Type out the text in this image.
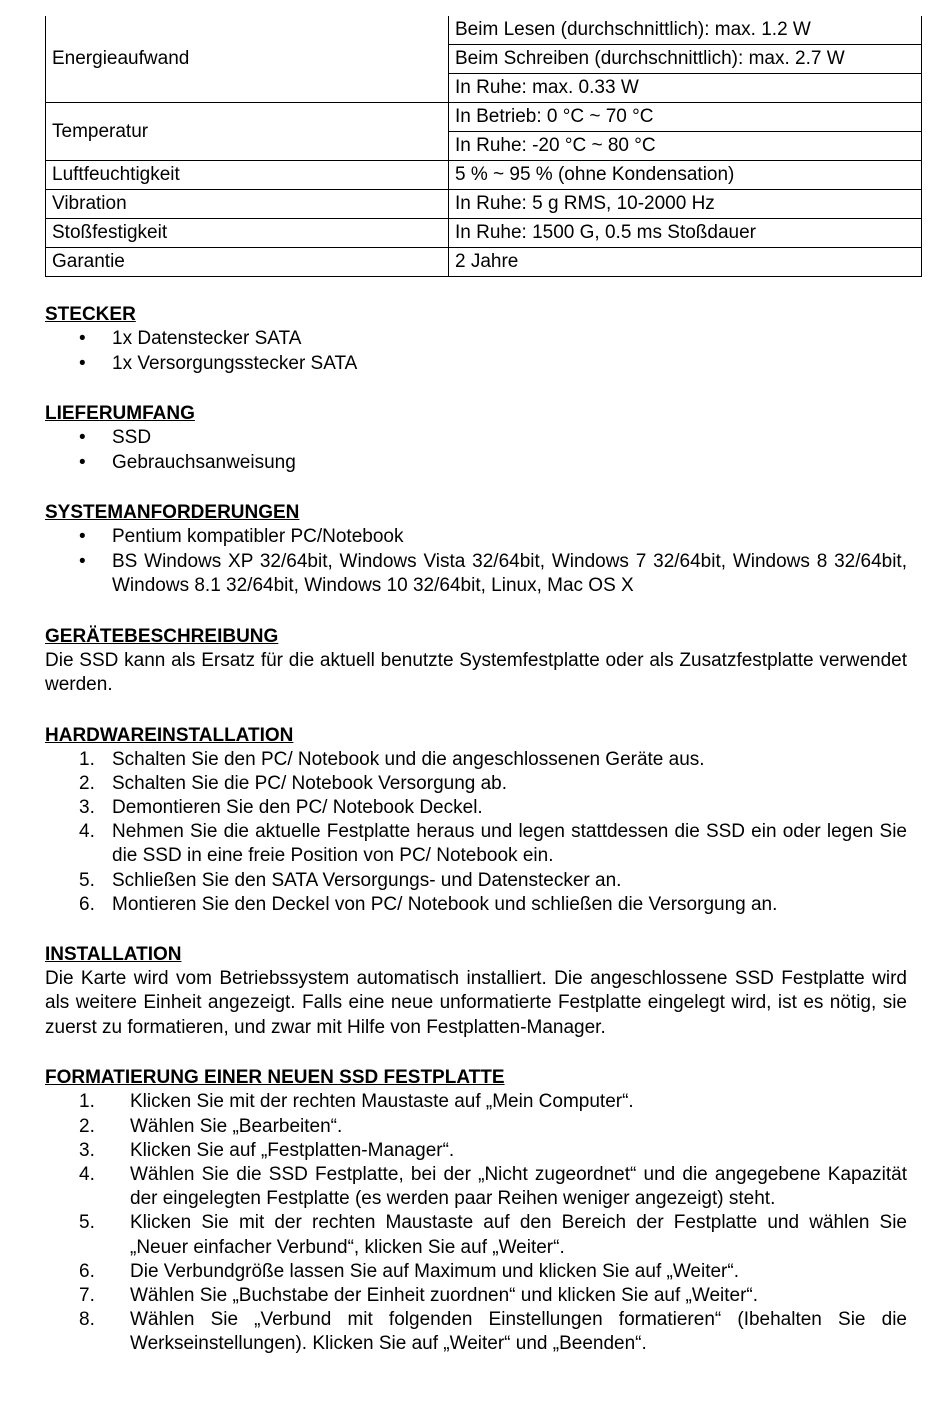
Energieaufwand	Beim Lesen (durchschnittlich): max. 1.2 W
	Beim Schreiben (durchschnittlich): max. 2.7 W
	In Ruhe: max. 0.33 W
Temperatur	In Betrieb: 0 °C ~ 70 °C
	In Ruhe: -20 °C ~ 80 °C
Luftfeuchtigkeit	5 % ~ 95 % (ohne Kondensation)
Vibration	In Ruhe: 5 g RMS, 10-2000 Hz
Stoßfestigkeit	In Ruhe: 1500 G, 0.5 ms Stoßdauer
Garantie	2 Jahre
STECKER
• 1x Datenstecker SATA
• 1x Versorgungsstecker SATA
LIEFERUMFANG
• SSD
• Gebrauchsanweisung
SYSTEMANFORDERUNGEN
• Pentium kompatibler PC/Notebook
• BS Windows XP 32/64bit, Windows Vista 32/64bit, Windows 7 32/64bit, Windows 8 32/64bit, Windows 8.1 32/64bit, Windows 10 32/64bit, Linux, Mac OS X
GERÄTEBESCHREIBUNG

Die SSD kann als Ersatz für die aktuell benutzte Systemfestplatte oder als Zusatzfestplatte verwendet werden.

HARDWAREINSTALLATION
1. Schalten Sie den PC/ Notebook und die angeschlossenen Geräte aus.
2. Schalten Sie die PC/ Notebook Versorgung ab.
3. Demontieren Sie den PC/ Notebook Deckel.
4. Nehmen Sie die aktuelle Festplatte heraus und legen stattdessen die SSD ein oder legen Sie die SSD in eine freie Position von PC/ Notebook ein.
5. Schließen Sie den SATA Versorgungs- und Datenstecker an.
6. Montieren Sie den Deckel von PC/ Notebook und schließen die Versorgung an.
INSTALLATION

Die Karte wird vom Betriebssystem automatisch installiert. Die angeschlossene SSD Festplatte wird als weitere Einheit angezeigt. Falls eine neue unformatierte Festplatte eingelegt wird, ist es nötig, sie zuerst zu formatieren, und zwar mit Hilfe von Festplatten-Manager.

FORMATIERUNG EINER NEUEN SSD FESTPLATTE
1. Klicken Sie mit der rechten Maustaste auf „Mein Computer“.
2. Wählen Sie „Bearbeiten“.
3. Klicken Sie auf „Festplatten-Manager“.
4. Wählen Sie die SSD Festplatte, bei der „Nicht zugeordnet“ und die angegebene Kapazität der eingelegten Festplatte (es werden paar Reihen weniger angezeigt) steht.
5. Klicken Sie mit der rechten Maustaste auf den Bereich der Festplatte und wählen Sie „Neuer einfacher Verbund“, klicken Sie auf „Weiter“.
6. Die Verbundgröße lassen Sie auf Maximum und klicken Sie auf „Weiter“.
7. Wählen Sie „Buchstabe der Einheit zuordnen“ und klicken Sie auf „Weiter“.
8. Wählen Sie „Verbund mit folgenden Einstellungen formatieren“ (Ibehalten Sie die Werkseinstellungen). Klicken Sie auf „Weiter“ und „Beenden“.
